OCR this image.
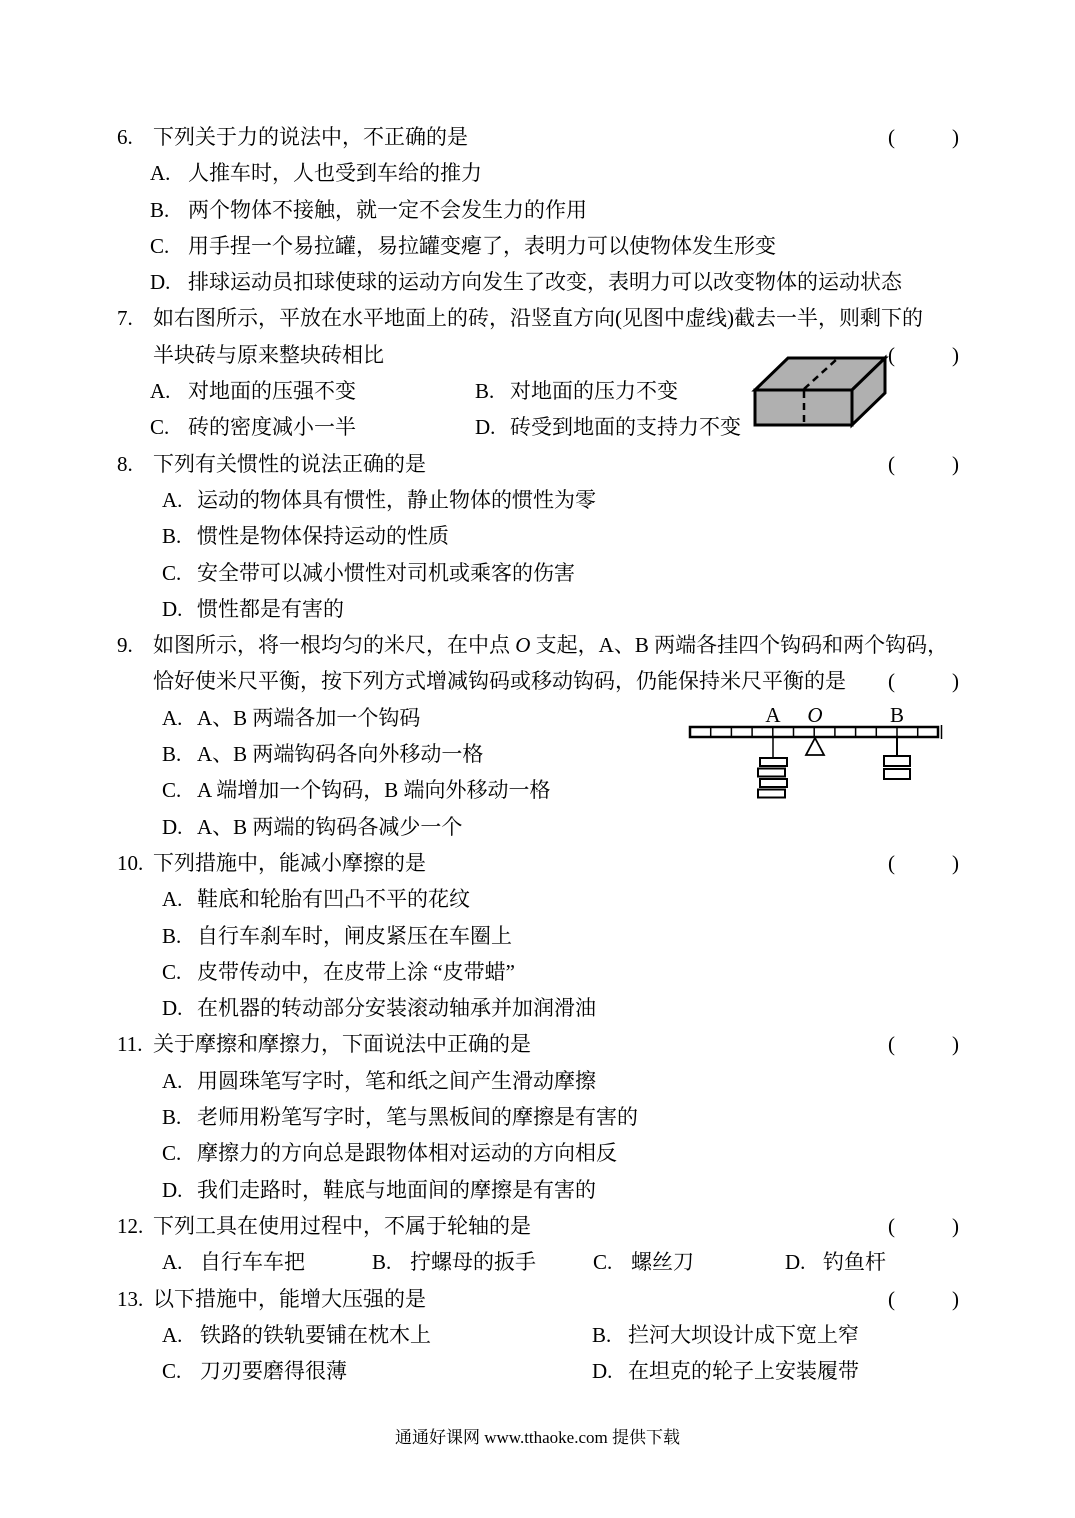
6. 下列关于力的说法中，不正确的是	(	)
A. 人推车时，人也受到车给的推力
B. 两个物体不接触，就一定不会发生力的作用
C. 用手捏一个易拉罐，易拉罐变瘪了，表明力可以使物体发生形变
D. 排球运动员扣球使球的运动方向发生了改变，表明力可以改变物体的运动状态
7. 如右图所示，平放在水平地面上的砖，沿竖直方向(见图中虚线)截去一半，则剩下的
半块砖与原来整块砖相比	(	)
A. 对地面的压强不变	B. 对地面的压力不变
C. 砖的密度减小一半	D. 砖受到地面的支持力不变
8. 下列有关惯性的说法正确的是	(	)
A. 运动的物体具有惯性，静止物体的惯性为零
B. 惯性是物体保持运动的性质
C. 安全带可以减小惯性对司机或乘客的伤害
D. 惯性都是有害的
9. 如图所示，将一根均匀的米尺，在中点 O 支起，A、B 两端各挂四个钩码和两个钩码，
恰好使米尺平衡，按下列方式增减钩码或移动钩码，仍能保持米尺平衡的是 (	)
A. A、B 两端各加一个钩码
B. A、B 两端钩码各向外移动一格
C. A 端增加一个钩码，B 端向外移动一格
D. A、B 两端的钩码各减少一个
10. 下列措施中，能减小摩擦的是	(	)
A. 鞋底和轮胎有凹凸不平的花纹
B. 自行车刹车时，闸皮紧压在车圈上
C. 皮带传动中，在皮带上涂 “皮带蜡”
D. 在机器的转动部分安装滚动轴承并加润滑油
11. 关于摩擦和摩擦力，下面说法中正确的是	(	)
A. 用圆珠笔写字时，笔和纸之间产生滑动摩擦
B. 老师用粉笔写字时，笔与黑板间的摩擦是有害的
C. 摩擦力的方向总是跟物体相对运动的方向相反
D. 我们走路时，鞋底与地面间的摩擦是有害的
12. 下列工具在使用过程中，不属于轮轴的是	(	)
A. 自行车车把	B. 拧螺母的扳手	C. 螺丝刀	D. 钓鱼杆
13. 以下措施中，能增大压强的是	(	)
A. 铁路的铁轨要铺在枕木上	B. 拦河大坝设计成下宽上窄
C. 刀刃要磨得很薄	D. 在坦克的轮子上安装履带
A O	B
通通好课网 www.tthaoke.com 提供下载
